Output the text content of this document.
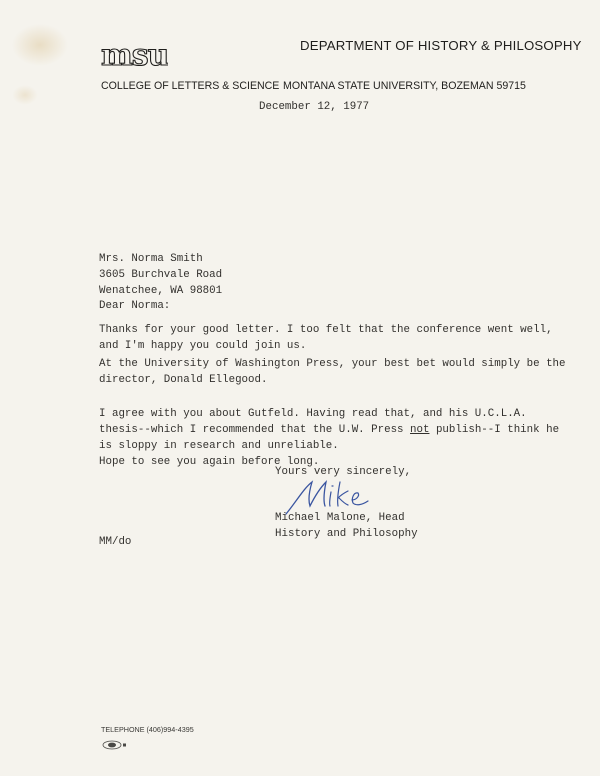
msu	DEPARTMENT OF HISTORY & PHILOSOPHY
COLLEGE OF LETTERS & SCIENCE MONTANA STATE UNIVERSITY, BOZEMAN 59715
December 12, 1977
Mrs. Norma Smith
3605 Burchvale Road
Wenatchee, WA 98801
Dear Norma:
Thanks for your good letter. I too felt that the conference went well,
and I'm happy you could join us.
At the University of Washington Press, your best bet would simply be the
director, Donald Ellegood.
I agree with you about Gutfeld. Having read that, and his U.C.L.A.
thesis--which I recommended that the U.W. Press not publish--I think he
is sloppy in research and unreliable.
Hope to see you again before long.
Yours very sincerely,
Michael Malone, Head
History and Philosophy
MM/do
TELEPHONE (406)994-4395
